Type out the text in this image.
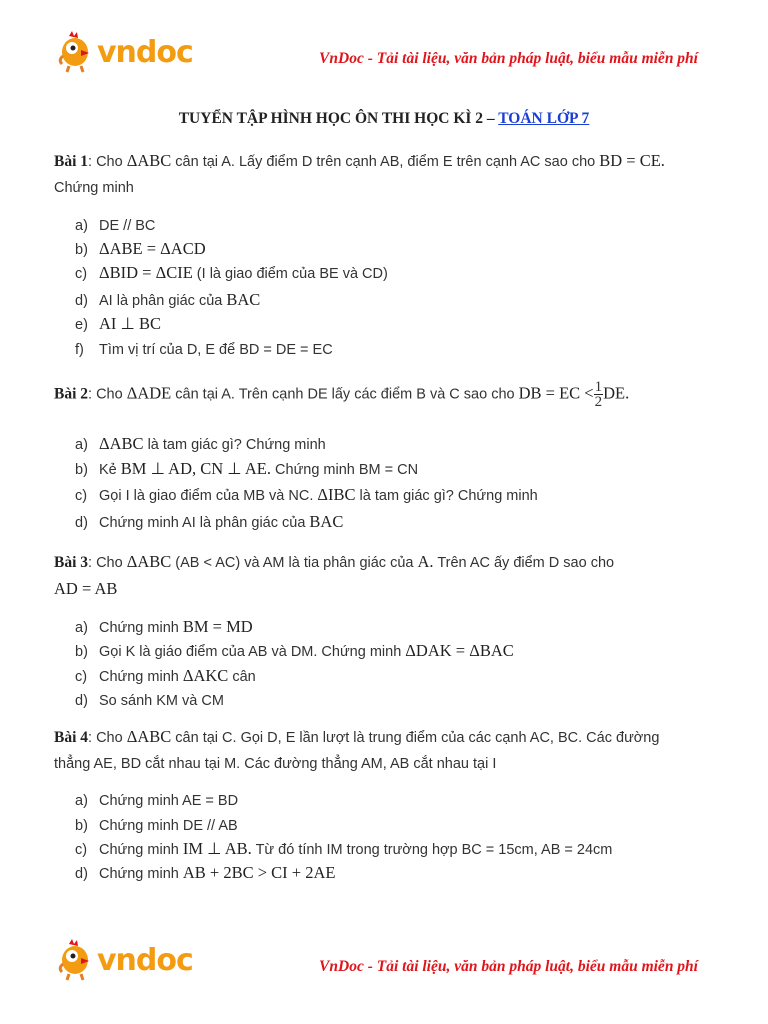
vndoc	VnDoc - Tải tài liệu, văn bản pháp luật, biểu mẫu miễn phí
TUYỂN TẬP HÌNH HỌC ÔN THI HỌC KÌ 2 – TOÁN LỚP 7
Bài 1: Cho ΔABC cân tại A. Lấy điểm D trên cạnh AB, điểm E trên cạnh AC sao cho BD = CE.
Chứng minh
a) DE // BC
b) ΔABE = ΔACD
c) ΔBID = ΔCIE (I là giao điểm của BE và CD)
d) AI là phân giác của BAC
e) AI ⊥ BC
f) Tìm vị trí của D, E để BD = DE = EC
Bài 2: Cho ΔADE cân tại A. Trên cạnh DE lấy các điểm B và C sao cho DB = EC < $\frac{1}{2}$ DE.
a) ΔABC là tam giác gì? Chứng minh
b) Kẻ BM ⊥ AD, CN ⊥ AE. Chứng minh BM = CN
c) Gọi I là giao điểm của MB và NC. ΔIBC là tam giác gì? Chứng minh
d) Chứng minh AI là phân giác của BAC
Bài 3: Cho ΔABC (AB < AC) và AM là tia phân giác của A. Trên AC ấy điểm D sao cho
AD = AB
a) Chứng minh BM = MD
b) Gọi K là giáo điểm của AB và DM. Chứng minh ΔDAK = ΔBAC
c) Chứng minh ΔAKC cân
d) So sánh KM và CM
Bài 4: Cho ΔABC cân tại C. Gọi D, E lần lượt là trung điểm của các cạnh AC, BC. Các đường
thẳng AE, BD cắt nhau tại M. Các đường thẳng AM, AB cắt nhau tại I
a) Chứng minh AE = BD
b) Chứng minh DE // AB
c) Chứng minh IM ⊥ AB. Từ đó tính IM trong trường hợp BC = 15cm, AB = 24cm
d) Chứng minh AB + 2BC > CI + 2AE
vndoc	VnDoc - Tải tài liệu, văn bản pháp luật, biểu mẫu miễn phí
